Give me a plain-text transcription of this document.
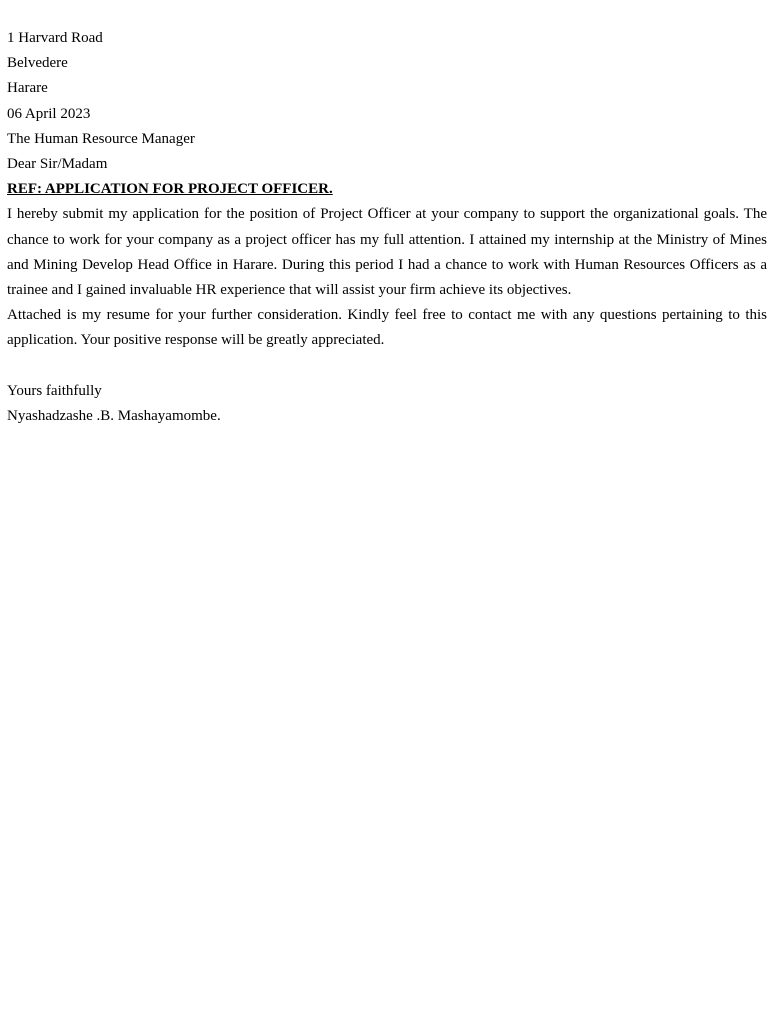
1 Harvard Road
Belvedere
Harare
06 April 2023
The Human Resource Manager
Dear Sir/Madam
REF: APPLICATION FOR PROJECT OFFICER.

I hereby submit my application for the position of Project Officer at your company to support the organizational goals. The chance to work for your company as a project officer has my full attention. I attained my internship at the Ministry of Mines and Mining Develop Head Office in Harare. During this period I had a chance to work with Human Resources Officers as a trainee and I gained invaluable HR experience that will assist your firm achieve its objectives.

Attached is my resume for your further consideration. Kindly feel free to contact me with any questions pertaining to this application. Your positive response will be greatly appreciated.

Yours faithfully
Nyashadzashe .B. Mashayamombe.
